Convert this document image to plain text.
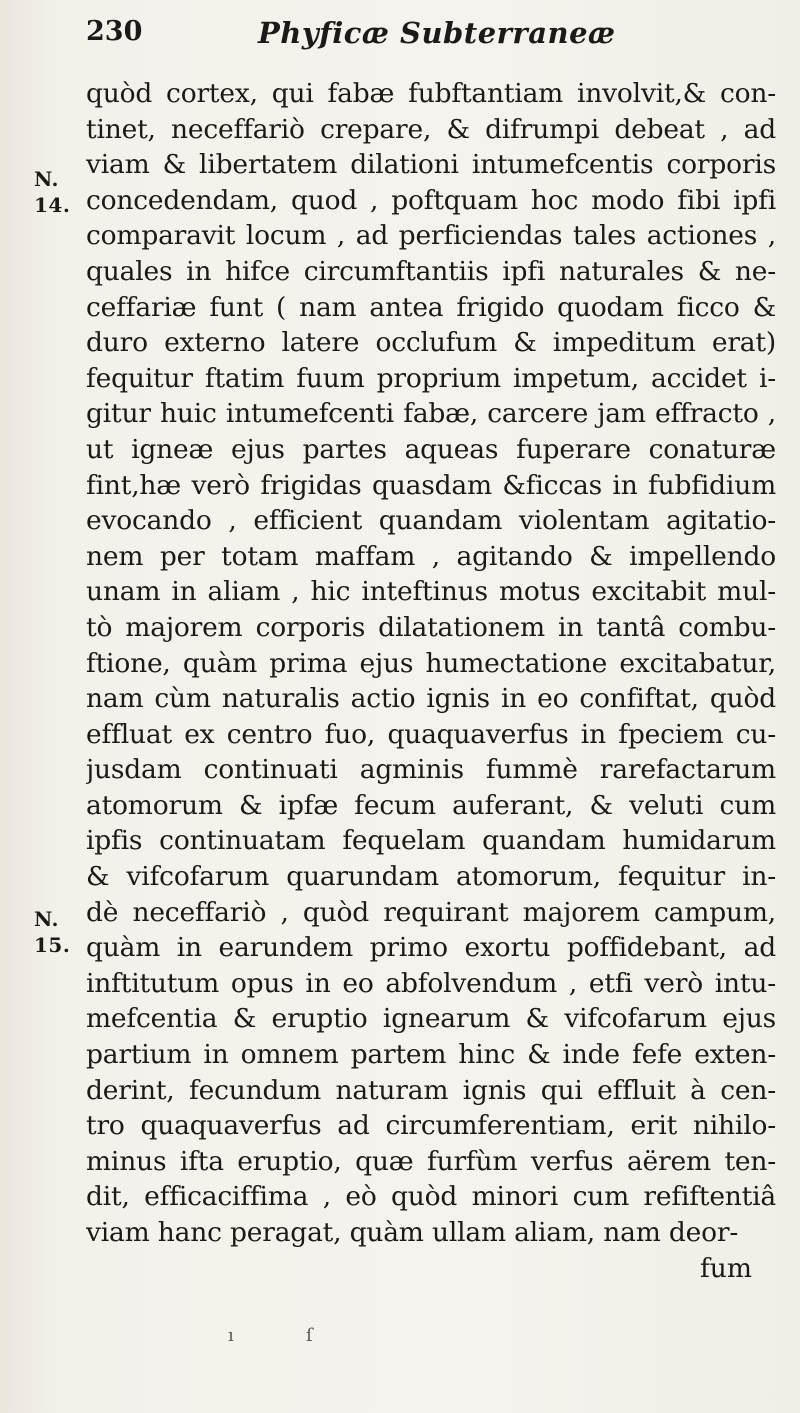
230	Phyficæ Subterraneæ
quòd cortex, qui fabæ fubftantiam involvit,& con-
tinet, neceffariò crepare, & difrumpi debeat , ad
viam & libertatem dilationi intumefcentis corporis
concedendam, quod , poftquam hoc modo fibi ipfi
comparavit locum , ad perficiendas tales actiones ,
quales in hifce circumftantiis ipfi naturales & ne-
ceffariæ funt ( nam antea frigido quodam ficco &
duro externo latere occlufum & impeditum erat)
fequitur ftatim fuum proprium impetum, accidet i-
gitur huic intumefcenti fabæ, carcere jam effracto ,
ut igneæ ejus partes aqueas fuperare conaturæ
fint,hæ verò frigidas quasdam &ficcas in fubfidium
evocando , efficient quandam violentam agitatio-
nem per totam maffam , agitando & impellendo
unam in aliam , hic inteftinus motus excitabit mul-
tò majorem corporis dilatationem in tantâ combu-
ftione, quàm prima ejus humectatione excitabatur,
nam cùm naturalis actio ignis in eo confiftat, quòd
effluat ex centro fuo, quaquaverfus in fpeciem cu-
jusdam continuati agminis fummè rarefactarum
atomorum & ipfæ fecum auferant, & veluti cum
ipfis continuatam fequelam quandam humidarum
& vifcofarum quarundam atomorum, fequitur in-
dè neceffariò , quòd requirant majorem campum,
quàm in earundem primo exortu poffidebant, ad
inftitutum opus in eo abfolvendum , etfi verò intu-
mefcentia & eruptio ignearum & vifcofarum ejus
partium in omnem partem hinc & inde fefe exten-
derint, fecundum naturam ignis qui effluit à cen-
tro quaquaverfus ad circumferentiam, erit nihilo-
minus ifta eruptio, quæ furfùm verfus aërem ten-
dit, efficaciffima , eò quòd minori cum refiftentiâ
viam hanc peragat, quàm ullam aliam, nam deor-
fum
N.
14.
N.
15.
ı	ſ
